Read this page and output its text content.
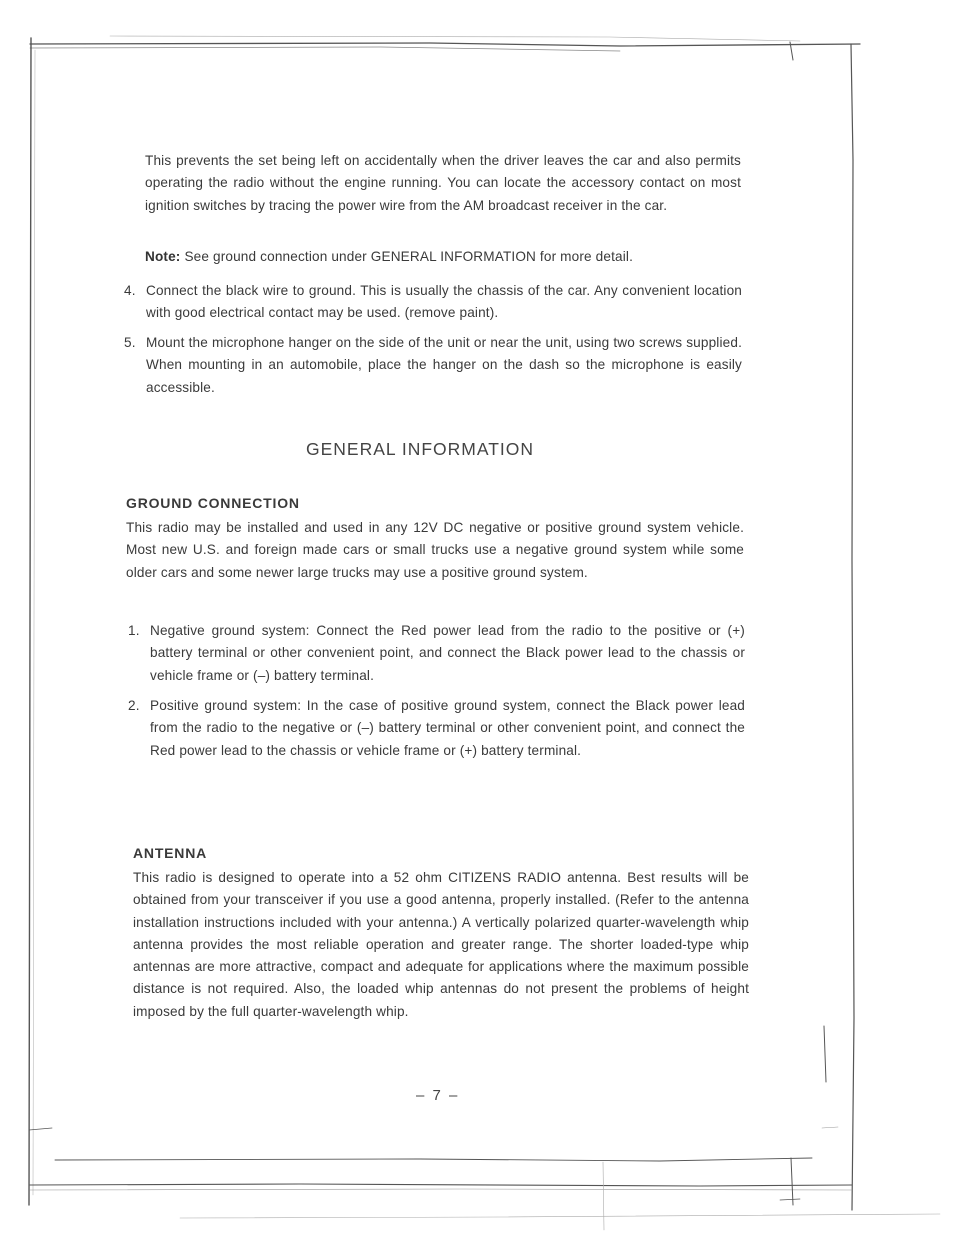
This prevents the set being left on accidentally when the driver leaves the car and also permits operating the radio without the engine running. You can locate the accessory contact on most ignition switches by tracing the power wire from the AM broadcast receiver in the car.

Note: See ground connection under GENERAL INFORMATION for more detail.
4. Connect the black wire to ground. This is usually the chassis of the car. Any convenient location with good electrical contact may be used. (remove paint).

5. Mount the microphone hanger on the side of the unit or near the unit, using two screws supplied. When mounting in an automobile, place the hanger on the dash so the microphone is easily accessible.

GENERAL INFORMATION
GROUND CONNECTION

This radio may be installed and used in any 12V DC negative or positive ground system vehicle. Most new U.S. and foreign made cars or small trucks use a negative ground system while some older cars and some newer large trucks may use a positive ground system.

1. Negative ground system: Connect the Red power lead from the radio to the positive or (+) battery terminal or other convenient point, and connect the Black power lead to the chassis or vehicle frame or (–) battery terminal.

2. Positive ground system: In the case of positive ground system, connect the Black power lead from the radio to the negative or (–) battery terminal or other convenient point, and connect the Red power lead to the chassis or vehicle frame or (+) battery terminal.

ANTENNA

This radio is designed to operate into a 52 ohm CITIZENS RADIO antenna. Best results will be obtained from your transceiver if you use a good antenna, properly installed. (Refer to the antenna installation instructions included with your antenna.) A vertically polarized quarter-wavelength whip antenna provides the most reliable operation and greater range. The shorter loaded-type whip antennas are more attractive, compact and adequate for applications where the maximum possible distance is not required. Also, the loaded whip antennas do not present the problems of height imposed by the full quarter-wavelength whip.

– 7 –
